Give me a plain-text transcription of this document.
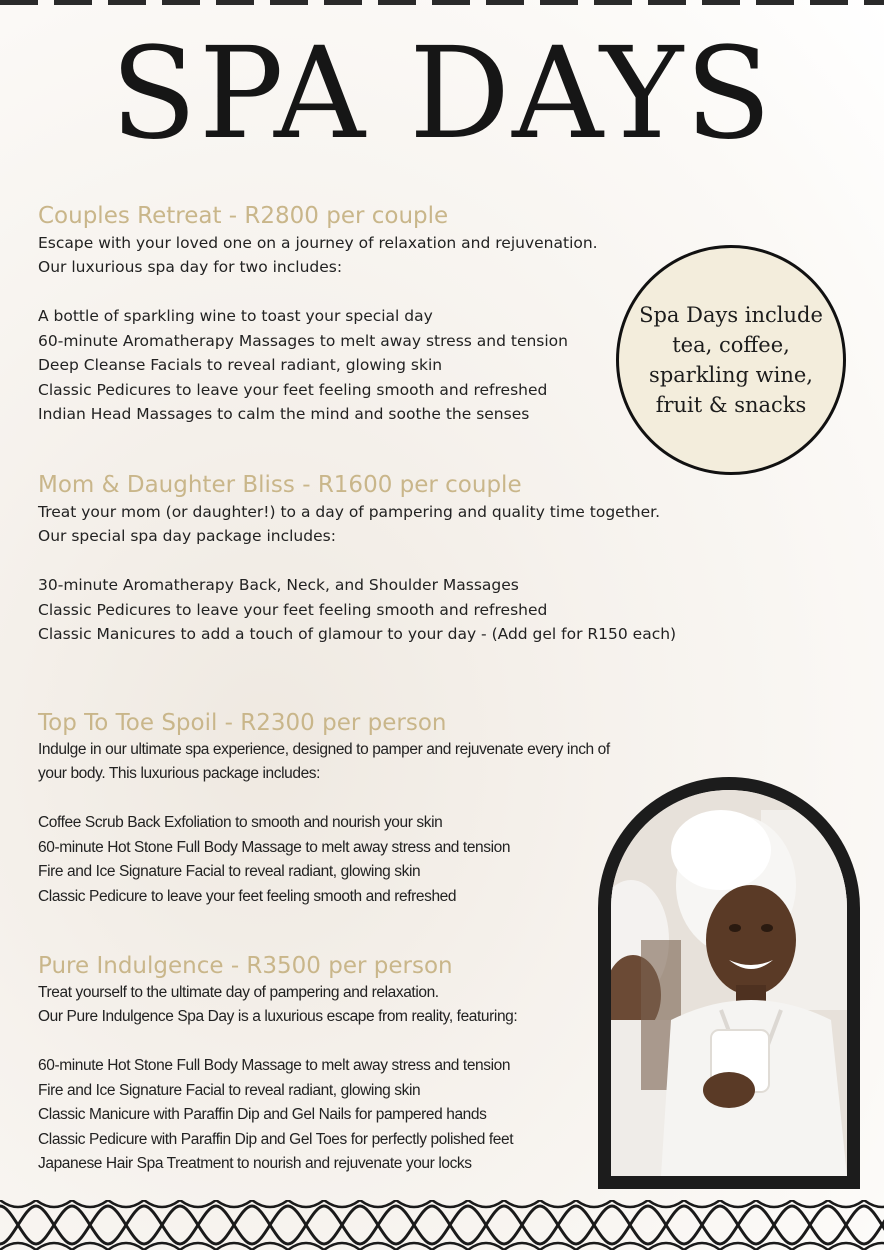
SPA DAYS
Couples Retreat - R2800 per couple

Escape with your loved one on a journey of relaxation and rejuvenation.

Our luxurious spa day for two includes:

A bottle of sparkling wine to toast your special day
60-minute Aromatherapy Massages to melt away stress and tension
Deep Cleanse Facials to reveal radiant, glowing skin
Classic Pedicures to leave your feet feeling smooth and refreshed
Indian Head Massages to calm the mind and soothe the senses
Mom & Daughter Bliss - R1600 per couple

Treat your mom (or daughter!) to a day of pampering and quality time together.

Our special spa day package includes:

30-minute Aromatherapy Back, Neck, and Shoulder Massages
Classic Pedicures to leave your feet feeling smooth and refreshed
Classic Manicures to add a touch of glamour to your day - (Add gel for R150 each)
Top To Toe Spoil - R2300 per person

Indulge in our ultimate spa experience, designed to pamper and rejuvenate every inch of

your body. This luxurious package includes:

Coffee Scrub Back Exfoliation to smooth and nourish your skin
60-minute Hot Stone Full Body Massage to melt away stress and tension
Fire and Ice Signature Facial to reveal radiant, glowing skin
Classic Pedicure to leave your feet feeling smooth and refreshed
Pure Indulgence - R3500 per person

Treat yourself to the ultimate day of pampering and relaxation.

Our Pure Indulgence Spa Day is a luxurious escape from reality, featuring:

60-minute Hot Stone Full Body Massage to melt away stress and tension
Fire and Ice Signature Facial to reveal radiant, glowing skin
Classic Manicure with Paraffin Dip and Gel Nails for pampered hands
Classic Pedicure with Paraffin Dip and Gel Toes for perfectly polished feet
Japanese Hair Spa Treatment to nourish and rejuvenate your locks
Spa Days include tea, coffee, sparkling wine, fruit & snacks
